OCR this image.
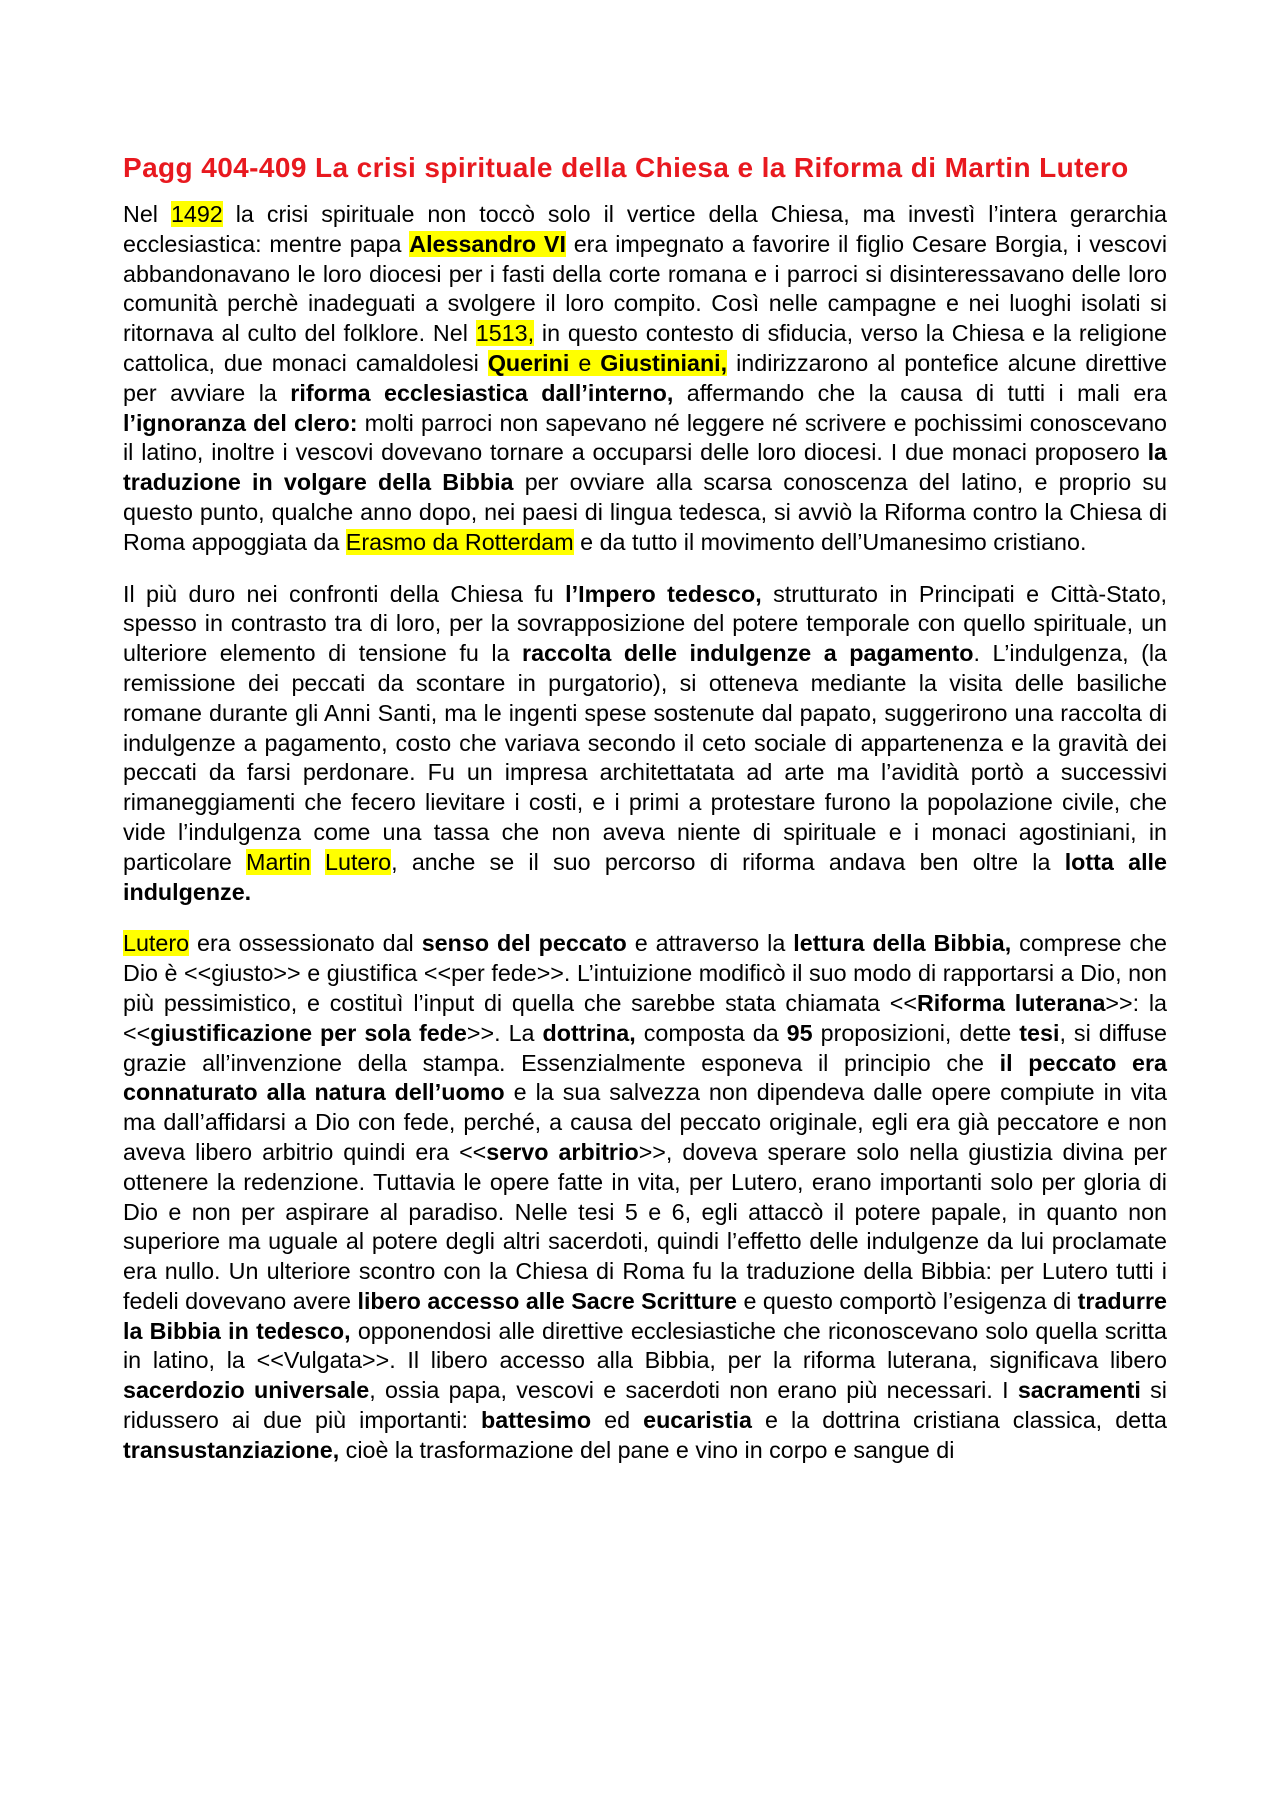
Pagg 404-409 La crisi spirituale della Chiesa e la Riforma di Martin Lutero

Nel 1492 la crisi spirituale non toccò solo il vertice della Chiesa, ma investì l’intera gerarchia ecclesiastica: mentre papa Alessandro VI era impegnato a favorire il figlio Cesare Borgia, i vescovi abbandonavano le loro diocesi per i fasti della corte romana e i parroci si disinteressavano delle loro comunità perchè inadeguati a svolgere il loro compito. Così nelle campagne e nei luoghi isolati si ritornava al culto del folklore. Nel 1513, in questo contesto di sfiducia, verso la Chiesa e la religione cattolica, due monaci camaldolesi Querini e Giustiniani, indirizzarono al pontefice alcune direttive per avviare la riforma ecclesiastica dall’interno, affermando che la causa di tutti i mali era l’ignoranza del clero: molti parroci non sapevano né leggere né scrivere e pochissimi conoscevano il latino, inoltre i vescovi dovevano tornare a occuparsi delle loro diocesi. I due monaci proposero la traduzione in volgare della Bibbia per ovviare alla scarsa conoscenza del latino, e proprio su questo punto, qualche anno dopo, nei paesi di lingua tedesca, si avviò la Riforma contro la Chiesa di Roma appoggiata da Erasmo da Rotterdam e da tutto il movimento dell’Umanesimo cristiano.

Il più duro nei confronti della Chiesa fu l’Impero tedesco, strutturato in Principati e Città-Stato, spesso in contrasto tra di loro, per la sovrapposizione del potere temporale con quello spirituale, un ulteriore elemento di tensione fu la raccolta delle indulgenze a pagamento. L’indulgenza, (la remissione dei peccati da scontare in purgatorio), si otteneva mediante la visita delle basiliche romane durante gli Anni Santi, ma le ingenti spese sostenute dal papato, suggerirono una raccolta di indulgenze a pagamento, costo che variava secondo il ceto sociale di appartenenza e la gravità dei peccati da farsi perdonare. Fu un impresa architettatata ad arte ma l’avidità portò a successivi rimaneggiamenti che fecero lievitare i costi, e i primi a protestare furono la popolazione civile, che vide l’indulgenza come una tassa che non aveva niente di spirituale e i monaci agostiniani, in particolare Martin Lutero, anche se il suo percorso di riforma andava ben oltre la lotta alle indulgenze.

Lutero era ossessionato dal senso del peccato e attraverso la lettura della Bibbia, comprese che Dio è <<giusto>> e giustifica <<per fede>>. L’intuizione modificò il suo modo di rapportarsi a Dio, non più pessimistico, e costituì l’input di quella che sarebbe stata chiamata <<Riforma luterana>>: la <<giustificazione per sola fede>>. La dottrina, composta da 95 proposizioni, dette tesi, si diffuse grazie all’invenzione della stampa. Essenzialmente esponeva il principio che il peccato era connaturato alla natura dell’uomo e la sua salvezza non dipendeva dalle opere compiute in vita ma dall’affidarsi a Dio con fede, perché, a causa del peccato originale, egli era già peccatore e non aveva libero arbitrio quindi era <<servo arbitrio>>, doveva sperare solo nella giustizia divina per ottenere la redenzione. Tuttavia le opere fatte in vita, per Lutero, erano importanti solo per gloria di Dio e non per aspirare al paradiso. Nelle tesi 5 e 6, egli attaccò il potere papale, in quanto non superiore ma uguale al potere degli altri sacerdoti, quindi l’effetto delle indulgenze da lui proclamate era nullo. Un ulteriore scontro con la Chiesa di Roma fu la traduzione della Bibbia: per Lutero tutti i fedeli dovevano avere libero accesso alle Sacre Scritture e questo comportò l’esigenza di tradurre la Bibbia in tedesco, opponendosi alle direttive ecclesiastiche che riconoscevano solo quella scritta in latino, la <<Vulgata>>. Il libero accesso alla Bibbia, per la riforma luterana, significava libero sacerdozio universale, ossia papa, vescovi e sacerdoti non erano più necessari. I sacramenti si ridussero ai due più importanti: battesimo ed eucaristia e la dottrina cristiana classica, detta transustanziazione, cioè la trasformazione del pane e vino in corpo e sangue di
